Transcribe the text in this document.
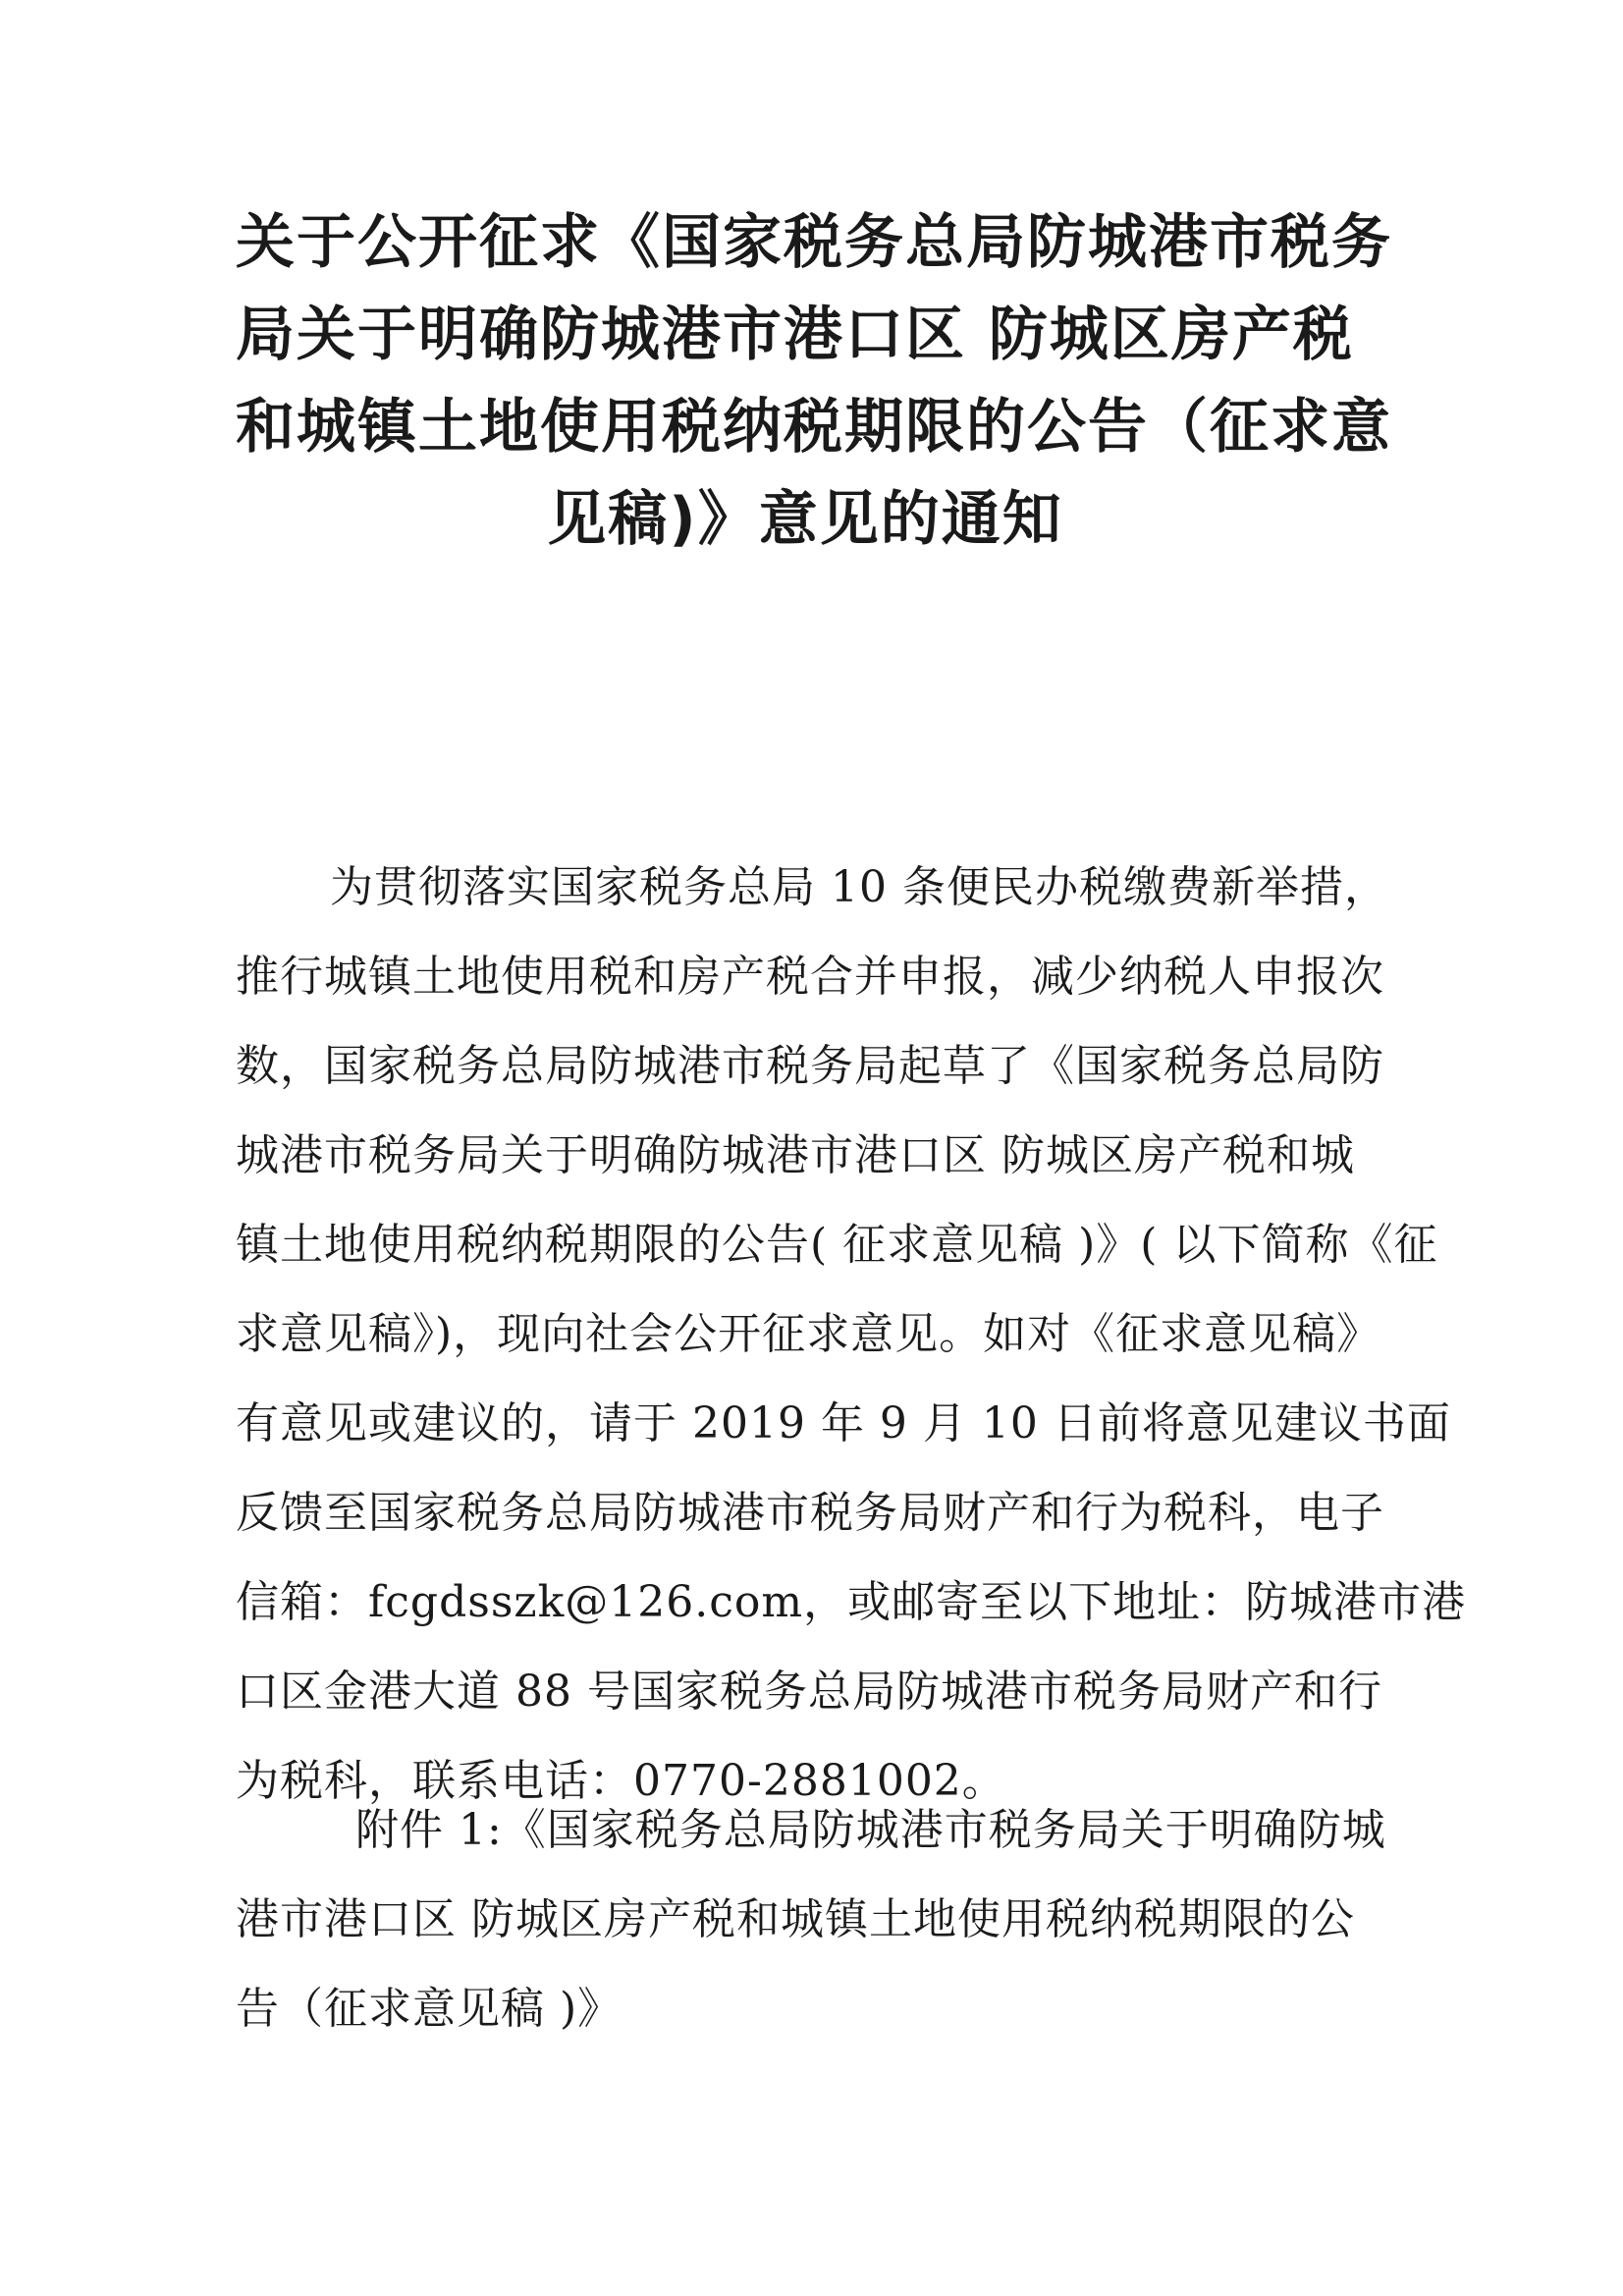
关于公开征求《国家税务总局防城港市税务
局关于明确防城港市港口区 防城区房产税
和城镇土地使用税纳税期限的公告（征求意
见稿)》意见的通知
为贯彻落实国家税务总局 10 条便民办税缴费新举措，
推行城镇土地使用税和房产税合并申报，减少纳税人申报次
数，国家税务总局防城港市税务局起草了《国家税务总局防
城港市税务局关于明确防城港市港口区 防城区房产税和城
镇土地使用税纳税期限的公告( 征求意见稿 )》( 以下简称《征
求意见稿》)，现向社会公开征求意见。如对《征求意见稿》
有意见或建议的，请于 2019 年 9 月 10 日前将意见建议书面
反馈至国家税务总局防城港市税务局财产和行为税科，电子
信箱：fcgdsszk@126.com，或邮寄至以下地址：防城港市港
口区金港大道 88 号国家税务总局防城港市税务局财产和行
为税科，联系电话：0770-2881002。
附件 1:《国家税务总局防城港市税务局关于明确防城
港市港口区 防城区房产税和城镇土地使用税纳税期限的公
告（征求意见稿 )》
